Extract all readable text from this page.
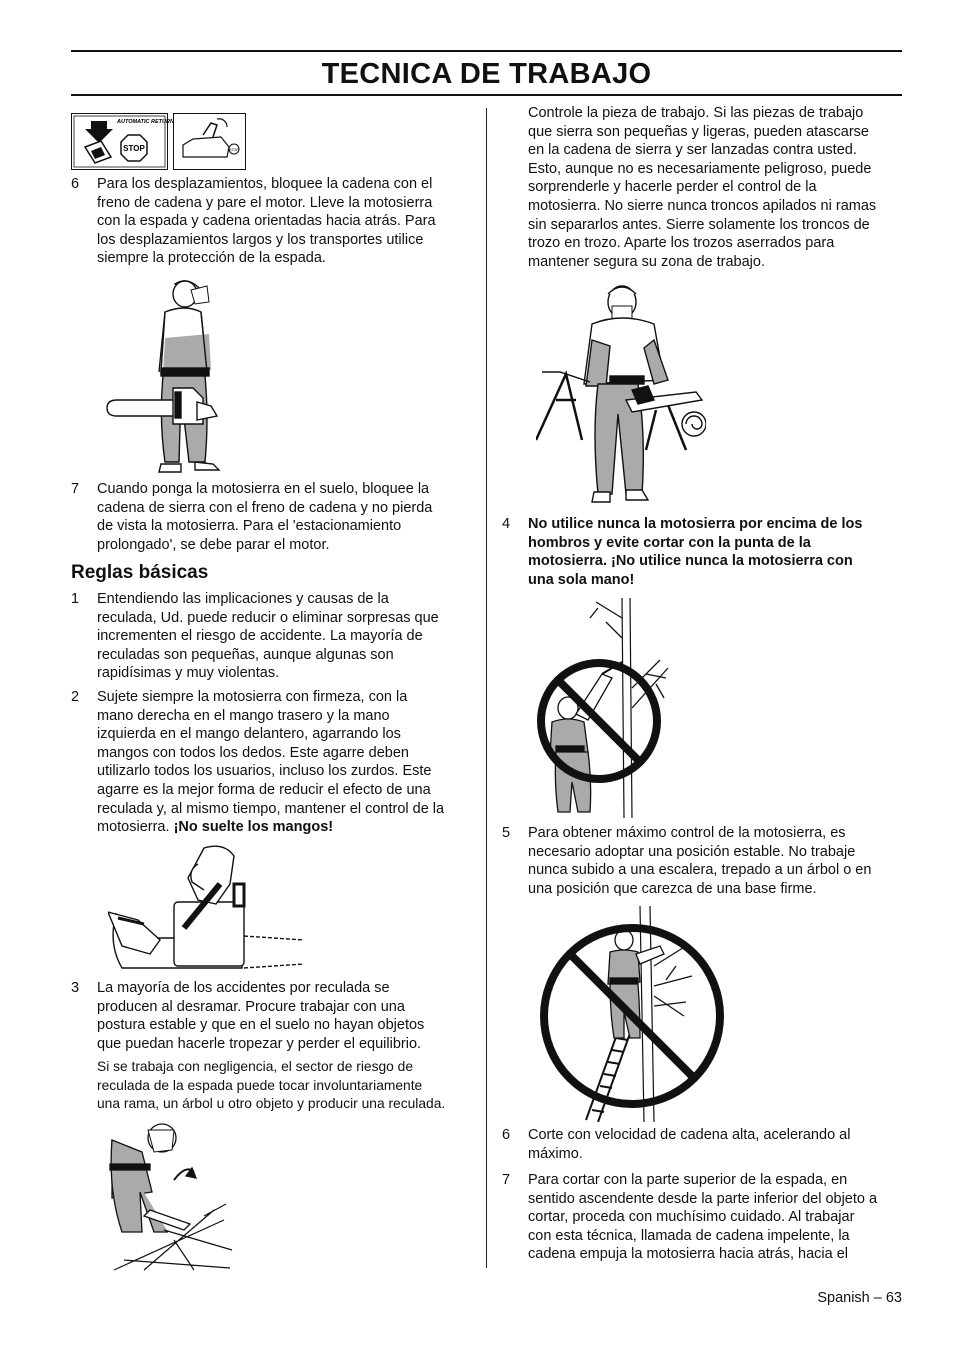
TECNICA DE TRABAJO
AUTOMATIC RETURN
STOP	STOP
6 Para los desplazamientos, bloquee la cadena con el
freno de cadena y pare el motor. Lleve la motosierra
con la espada y cadena orientadas hacia atrás. Para
los desplazamientos largos y los transportes utilice
siempre la protección de la espada.
7 Cuando ponga la motosierra en el suelo, bloquee la
cadena de sierra con el freno de cadena y no pierda
de vista la motosierra. Para el 'estacionamiento
prolongado', se debe parar el motor.
Reglas básicas
1 Entendiendo las implicaciones y causas de la
reculada, Ud. puede reducir o eliminar sorpresas que
incrementen el riesgo de accidente. La mayoría de
reculadas son pequeñas, aunque algunas son
rapidísimas y muy violentas.
2 Sujete siempre la motosierra con firmeza, con la
mano derecha en el mango trasero y la mano
izquierda en el mango delantero, agarrando los
mangos con todos los dedos. Este agarre deben
utilizarlo todos los usuarios, incluso los zurdos. Este
agarre es la mejor forma de reducir el efecto de una
reculada y, al mismo tiempo, mantener el control de la
motosierra. ¡No suelte los mangos!
3 La mayoría de los accidentes por reculada se
producen al desramar. Procure trabajar con una
postura estable y que en el suelo no hayan objetos
que puedan hacerle tropezar y perder el equilibrio.
Si se trabaja con negligencia, el sector de riesgo de
reculada de la espada puede tocar involuntariamente
una rama, un árbol u otro objeto y producir una reculada.
Controle la pieza de trabajo. Si las piezas de trabajo
que sierra son pequeñas y ligeras, pueden atascarse
en la cadena de sierra y ser lanzadas contra usted.
Esto, aunque no es necesariamente peligroso, puede
sorprenderle y hacerle perder el control de la
motosierra. No sierre nunca troncos apilados ni ramas
sin separarlos antes. Sierre solamente los troncos de
trozo en trozo. Aparte los trozos aserrados para
mantener segura su zona de trabajo.
4 No utilice nunca la motosierra por encima de los
hombros y evite cortar con la punta de la
motosierra. ¡No utilice nunca la motosierra con
una sola mano!
5 Para obtener máximo control de la motosierra, es
necesario adoptar una posición estable. No trabaje
nunca subido a una escalera, trepado a un árbol o en
una posición que carezca de una base firme.
6 Corte con velocidad de cadena alta, acelerando al
máximo.
7 Para cortar con la parte superior de la espada, en
sentido ascendente desde la parte inferior del objeto a
cortar, proceda con muchísimo cuidado. Al trabajar
con esta técnica, llamada de cadena impelente, la
cadena empuja la motosierra hacia atrás, hacia el
Spanish – 63
